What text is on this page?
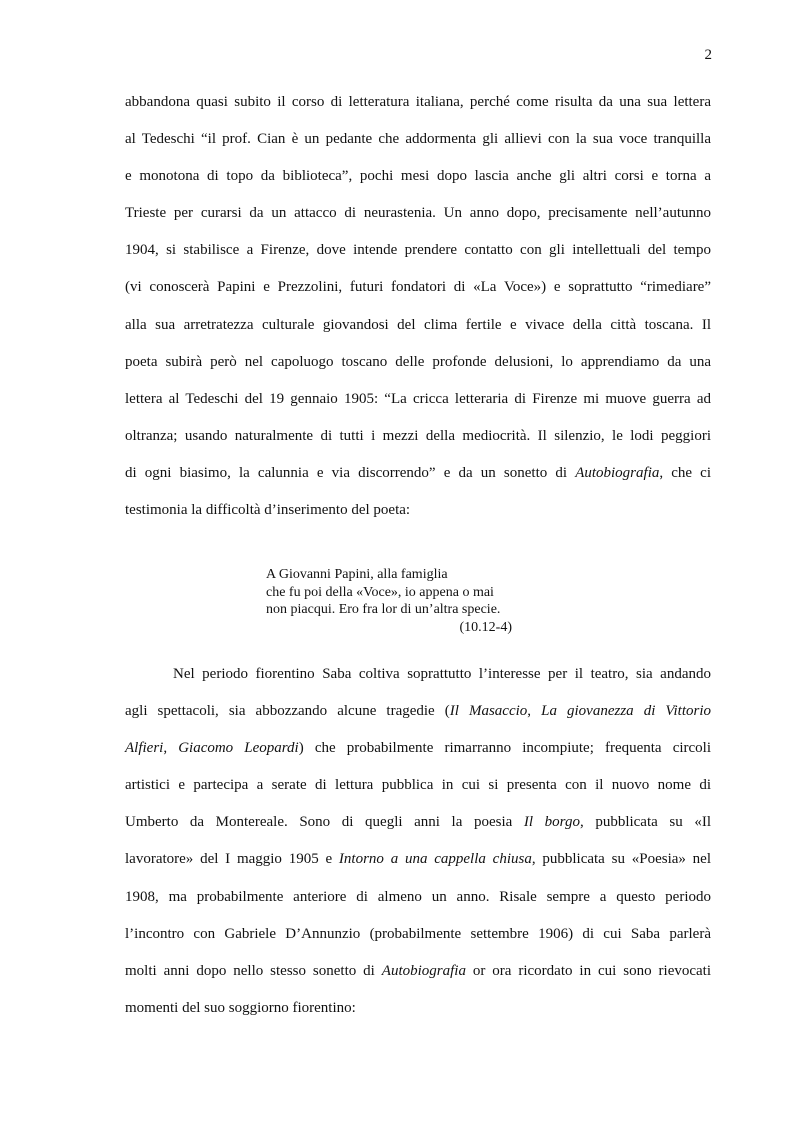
2
abbandona quasi subito il corso di letteratura italiana, perché come risulta da una sua lettera
al Tedeschi “il prof. Cian è un pedante che addormenta gli allievi con la sua voce tranquilla
e monotona di topo da biblioteca”, pochi mesi dopo lascia anche gli altri corsi e torna a
Trieste per curarsi da un attacco di neurastenia. Un anno dopo, precisamente nell’autunno
1904, si stabilisce a Firenze, dove intende prendere contatto con gli intellettuali del tempo
(vi conoscerà Papini e Prezzolini, futuri fondatori di «La Voce») e soprattutto “rimediare”
alla sua arretratezza culturale giovandosi del clima fertile e vivace della città toscana. Il
poeta subirà però nel capoluogo toscano delle profonde delusioni, lo apprendiamo da una
lettera al Tedeschi del 19 gennaio 1905: “La cricca letteraria di Firenze mi muove guerra ad
oltranza; usando naturalmente di tutti i mezzi della mediocrità. Il silenzio, le lodi peggiori
di ogni biasimo, la calunnia e via discorrendo” e da un sonetto di Autobiografia, che ci
testimonia la difficoltà d’inserimento del poeta:
A Giovanni Papini, alla famiglia
che fu poi della «Voce», io appena o mai
non piacqui. Ero fra lor di un’altra specie.
(10.12-4)
Nel periodo fiorentino Saba coltiva soprattutto l’interesse per il teatro, sia andando
agli spettacoli, sia abbozzando alcune tragedie (Il Masaccio, La giovanezza di Vittorio
Alfieri, Giacomo Leopardi) che probabilmente rimarranno incompiute; frequenta circoli
artistici e partecipa a serate di lettura pubblica in cui si presenta con il nuovo nome di
Umberto da Montereale. Sono di quegli anni la poesia Il borgo, pubblicata su «Il
lavoratore» del I maggio 1905 e Intorno a una cappella chiusa, pubblicata su «Poesia» nel
1908, ma probabilmente anteriore di almeno un anno. Risale sempre a questo periodo
l’incontro con Gabriele D’Annunzio (probabilmente settembre 1906) di cui Saba parlerà
molti anni dopo nello stesso sonetto di Autobiografia or ora ricordato in cui sono rievocati
momenti del suo soggiorno fiorentino:
